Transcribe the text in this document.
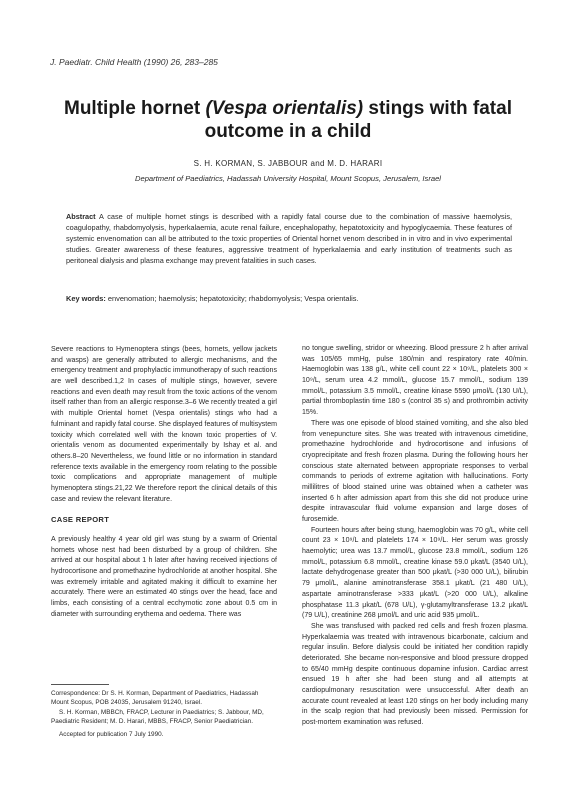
J. Paediatr. Child Health (1990) 26, 283–285
Multiple hornet (Vespa orientalis) stings with fatal
outcome in a child
S. H. KORMAN, S. JABBOUR and M. D. HARARI
Department of Paediatrics, Hadassah University Hospital, Mount Scopus, Jerusalem, Israel
Abstract A case of multiple hornet stings is described with a rapidly fatal course due to the combination of massive haemolysis, coagulopathy, rhabdomyolysis, hyperkalaemia, acute renal failure, encephalopathy, hepatotoxicity and hypoglycaemia. These features of systemic envenomation can all be attributed to the toxic properties of Oriental hornet venom described in in vitro and in vivo experimental studies. Greater awareness of these features, aggressive treatment of hyperkalaemia and early institution of treatments such as peritoneal dialysis and plasma exchange may prevent fatalities in such cases.
Key words: envenomation; haemolysis; hepatotoxicity; rhabdomyolysis; Vespa orientalis.

Severe reactions to Hymenoptera stings (bees, hornets, yellow jackets and wasps) are generally attributed to allergic mechanisms, and the emergency treatment and prophylactic immunotherapy of such reactions are well described.1,2 In cases of multiple stings, however, severe reactions and even death may result from the toxic actions of the venom itself rather than from an allergic response.3–6 We recently treated a girl with multiple Oriental hornet (Vespa orientalis) stings who had a fulminant and rapidly fatal course. She displayed features of multisystem toxicity which correlated well with the known toxic properties of V. orientalis venom as documented experimentally by Ishay et al. and others.8–20 Nevertheless, we found little or no information in standard reference texts available in the emergency room relating to the possible toxic complications and appropriate management of multiple hymenoptera stings.21,22 We therefore report the clinical details of this case and review the relevant literature.

CASE REPORT

A previously healthy 4 year old girl was stung by a swarm of Oriental hornets whose nest had been disturbed by a group of children. She arrived at our hospital about 1 h later after having received injections of hydrocortisone and promethazine hydrochloride at another hospital. She was extremely irritable and agitated making it difficult to examine her accurately. There were an estimated 40 stings over the head, face and limbs, each consisting of a central ecchymotic zone about 0.5 cm in diameter with surrounding erythema and oedema. There was

no tongue swelling, stridor or wheezing. Blood pressure 2 h after arrival was 105/65 mmHg, pulse 180/min and respiratory rate 40/min. Haemoglobin was 138 g/L, white cell count 22 × 10⁹/L, platelets 300 × 10⁹/L, serum urea 4.2 mmol/L, glucose 15.7 mmol/L, sodium 139 mmol/L, potassium 3.5 mmol/L, creatine kinase 5590 μmol/L (130 U/L), partial thromboplastin time 180 s (control 35 s) and prothrombin activity 15%.

There was one episode of blood stained vomiting, and she also bled from venepuncture sites. She was treated with intravenous cimetidine, promethazine hydrochloride and hydrocortisone and infusions of cryoprecipitate and fresh frozen plasma. During the following hours her conscious state alternated between appropriate responses to verbal commands to periods of extreme agitation with hallucinations. Forty millilitres of blood stained urine was obtained when a catheter was inserted 6 h after admission apart from this she did not produce urine despite intravascular fluid volume expansion and large doses of furosemide.

Fourteen hours after being stung, haemoglobin was 70 g/L, white cell count 23 × 10⁹/L and platelets 174 × 10⁹/L. Her serum was grossly haemolytic; urea was 13.7 mmol/L, glucose 23.8 mmol/L, sodium 126 mmol/L, potassium 6.8 mmol/L, creatine kinase 59.0 μkat/L (3540 U/L), lactate dehydrogenase greater than 500 μkat/L (>30 000 U/L), bilirubin 79 μmol/L, alanine aminotransferase 358.1 μkat/L (21 480 U/L), aspartate aminotransferase >333 μkat/L (>20 000 U/L), alkaline phosphatase 11.3 μkat/L (678 U/L), γ-glutamyltransferase 13.2 μkat/L (79 U/L), creatinine 268 μmol/L and uric acid 935 μmol/L.

She was transfused with packed red cells and fresh frozen plasma. Hyperkalaemia was treated with intravenous bicarbonate, calcium and regular insulin. Before dialysis could be initiated her condition rapidly deteriorated. She became non-responsive and blood pressure dropped to 65/40 mmHg despite continuous dopamine infusion. Cardiac arrest ensued 19 h after she had been stung and all attempts at cardiopulmonary resuscitation were unsuccessful. After death an accurate count revealed at least 120 stings on her body including many in the scalp region that had previously been missed. Permission for post-mortem examination was refused.

Correspondence: Dr S. H. Korman, Department of Paediatrics, Hadassah Mount Scopus, POB 24035, Jerusalem 91240, Israel.

S. H. Korman, MBBCh, FRACP, Lecturer in Paediatrics; S. Jabbour, MD, Paediatric Resident; M. D. Harari, MBBS, FRACP, Senior Paediatrician.

Accepted for publication 7 July 1990.
